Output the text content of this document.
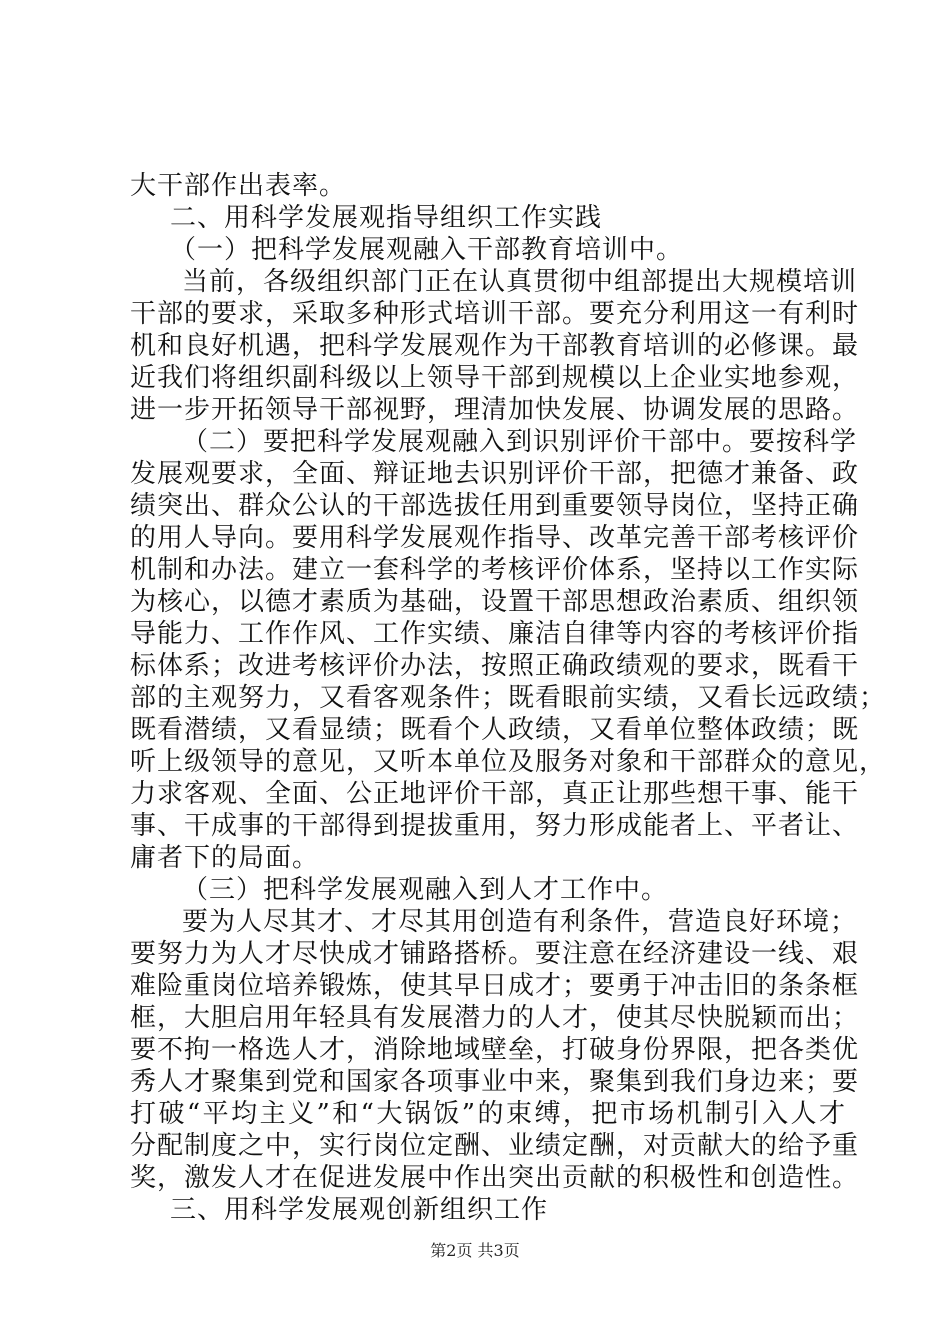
大干部作出表率。
二、用科学发展观指导组织工作实践
（一）把科学发展观融入干部教育培训中。
当前，各级组织部门正在认真贯彻中组部提出大规模培训
干部的要求，采取多种形式培训干部。要充分利用这一有利时
机和良好机遇，把科学发展观作为干部教育培训的必修课。最
近我们将组织副科级以上领导干部到规模以上企业实地参观，
进一步开拓领导干部视野，理清加快发展、协调发展的思路。
（二）要把科学发展观融入到识别评价干部中。要按科学
发展观要求，全面、辩证地去识别评价干部，把德才兼备、政
绩突出、群众公认的干部选拔任用到重要领导岗位，坚持正确
的用人导向。要用科学发展观作指导、改革完善干部考核评价
机制和办法。建立一套科学的考核评价体系，坚持以工作实际
为核心，以德才素质为基础，设置干部思想政治素质、组织领
导能力、工作作风、工作实绩、廉洁自律等内容的考核评价指
标体系；改进考核评价办法，按照正确政绩观的要求，既看干
部的主观努力，又看客观条件；既看眼前实绩，又看长远政绩；
既看潜绩，又看显绩；既看个人政绩，又看单位整体政绩；既
听上级领导的意见，又听本单位及服务对象和干部群众的意见，
力求客观、全面、公正地评价干部，真正让那些想干事、能干
事、干成事的干部得到提拔重用，努力形成能者上、平者让、
庸者下的局面。
（三）把科学发展观融入到人才工作中。
要为人尽其才、才尽其用创造有利条件，营造良好环境；
要努力为人才尽快成才铺路搭桥。要注意在经济建设一线、艰
难险重岗位培养锻炼，使其早日成才；要勇于冲击旧的条条框
框，大胆启用年轻具有发展潜力的人才，使其尽快脱颖而出；
要不拘一格选人才，消除地域壁垒，打破身份界限，把各类优
秀人才聚集到党和国家各项事业中来，聚集到我们身边来；要
打破“平均主义”和“大锅饭”的束缚，把市场机制引入人才
分配制度之中，实行岗位定酬、业绩定酬，对贡献大的给予重
奖，激发人才在促进发展中作出突出贡献的积极性和创造性。
三、用科学发展观创新组织工作
第2页 共3页
